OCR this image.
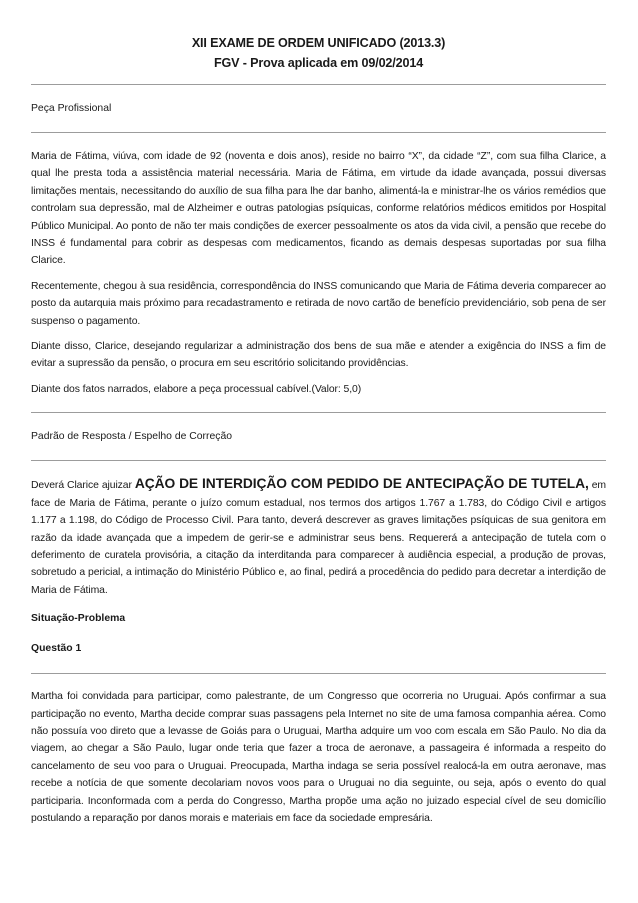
XII EXAME DE ORDEM UNIFICADO (2013.3)
FGV - Prova aplicada em 09/02/2014
Peça Profissional

Maria de Fátima, viúva, com idade de 92 (noventa e dois anos), reside no bairro “X”, da cidade “Z”, com sua filha Clarice, a qual lhe presta toda a assistência material necessária. Maria de Fátima, em virtude da idade avançada, possui diversas limitações mentais, necessitando do auxílio de sua filha para lhe dar banho, alimentá-la e ministrar-lhe os vários remédios que controlam sua depressão, mal de Alzheimer e outras patologias psíquicas, conforme relatórios médicos emitidos por Hospital Público Municipal. Ao ponto de não ter mais condições de exercer pessoalmente os atos da vida civil, a pensão que recebe do INSS é fundamental para cobrir as despesas com medicamentos, ficando as demais despesas suportadas por sua filha Clarice.

Recentemente, chegou à sua residência, correspondência do INSS comunicando que Maria de Fátima deveria comparecer ao posto da autarquia mais próximo para recadastramento e retirada de novo cartão de benefício previdenciário, sob pena de ser suspenso o pagamento.

Diante disso, Clarice, desejando regularizar a administração dos bens de sua mãe e atender a exigência do INSS a fim de evitar a supressão da pensão, o procura em seu escritório solicitando providências.

Diante dos fatos narrados, elabore a peça processual cabível.(Valor: 5,0)

Padrão de Resposta / Espelho de Correção

Deverá Clarice ajuizar AÇÃO DE INTERDIÇÃO COM PEDIDO DE ANTECIPAÇÃO DE TUTELA, em face de Maria de Fátima, perante o juízo comum estadual, nos termos dos artigos 1.767 a 1.783, do Código Civil e artigos 1.177 a 1.198, do Código de Processo Civil. Para tanto, deverá descrever as graves limitações psíquicas de sua genitora em razão da idade avançada que a impedem de gerir-se e administrar seus bens. Requererá a antecipação de tutela com o deferimento de curatela provisória, a citação da interditanda para comparecer à audiência especial, a produção de provas, sobretudo a pericial, a intimação do Ministério Público e, ao final, pedirá a procedência do pedido para decretar a interdição de Maria de Fátima.

Situação-Problema
Questão 1

Martha foi convidada para participar, como palestrante, de um Congresso que ocorreria no Uruguai. Após confirmar a sua participação no evento, Martha decide comprar suas passagens pela Internet no site de uma famosa companhia aérea. Como não possuía voo direto que a levasse de Goiás para o Uruguai, Martha adquire um voo com escala em São Paulo. No dia da viagem, ao chegar a São Paulo, lugar onde teria que fazer a troca de aeronave, a passageira é informada a respeito do cancelamento de seu voo para o Uruguai. Preocupada, Martha indaga se seria possível realocá-la em outra aeronave, mas recebe a notícia de que somente decolariam novos voos para o Uruguai no dia seguinte, ou seja, após o evento do qual participaria. Inconformada com a perda do Congresso, Martha propõe uma ação no juizado especial cível de seu domicílio postulando a reparação por danos morais e materiais em face da sociedade empresária.
